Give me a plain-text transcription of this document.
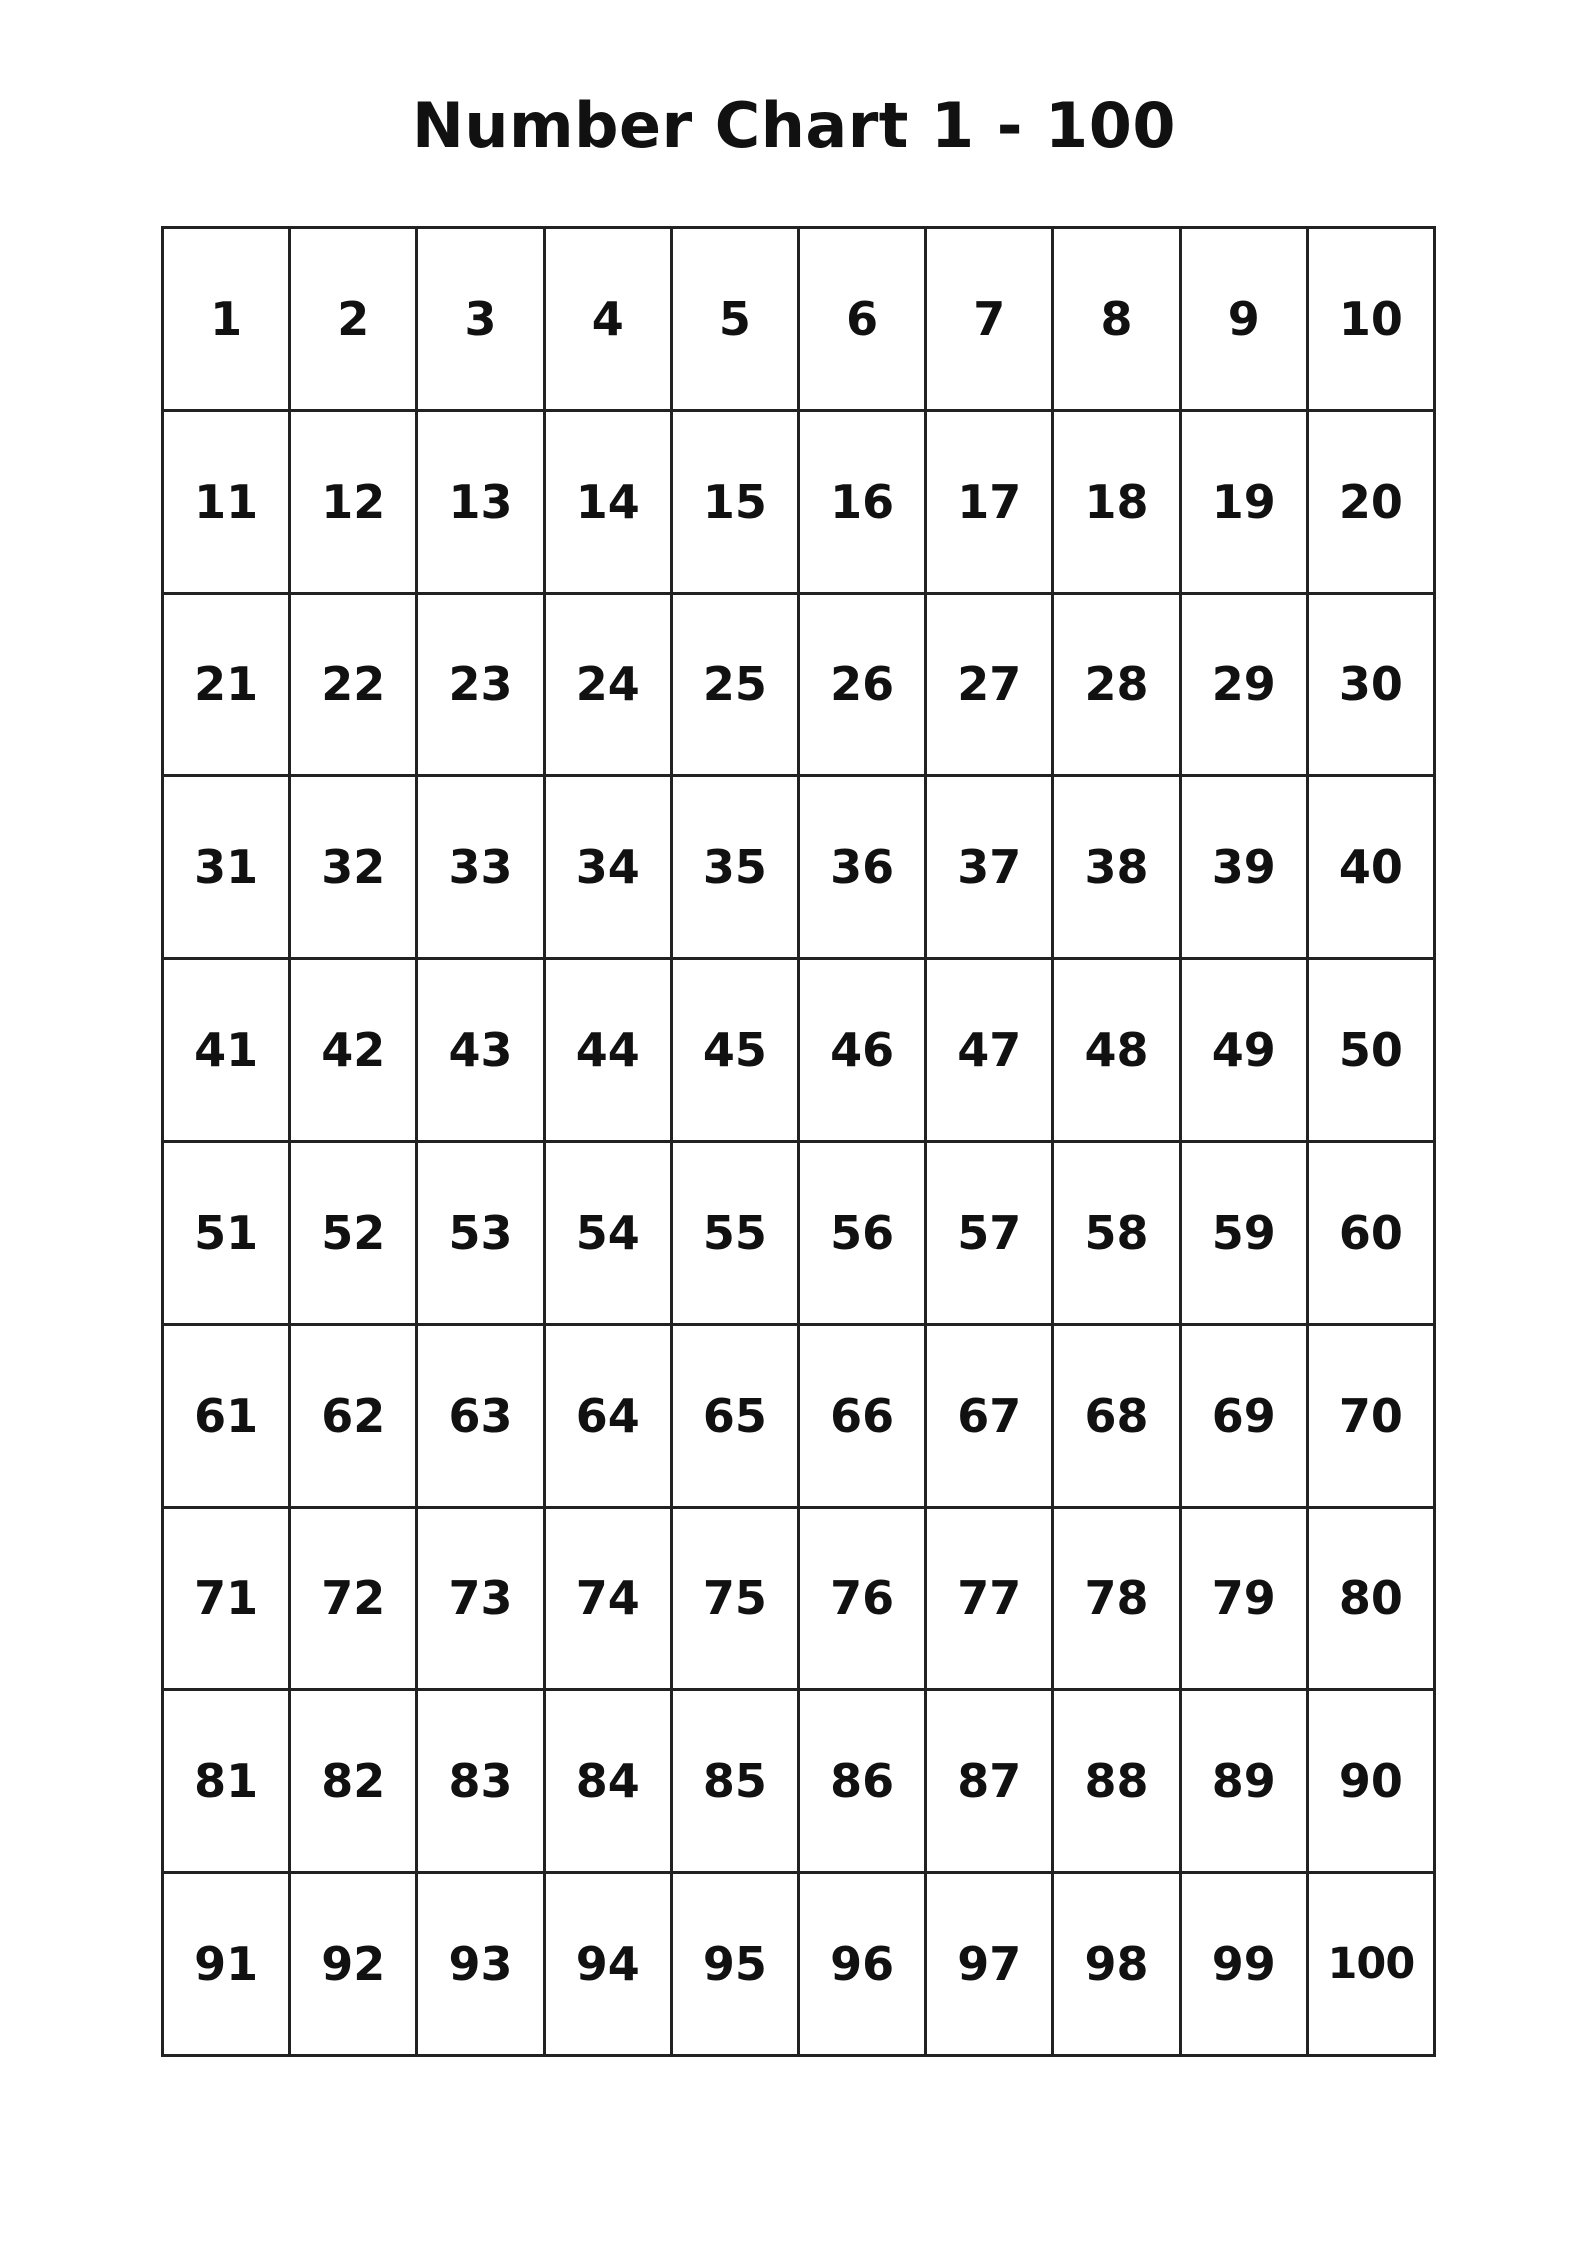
Number Chart 1 - 100
1	2	3	4	5	6	7	8	9	10
11	12	13	14	15	16	17	18	19	20
21	22	23	24	25	26	27	28	29	30
31	32	33	34	35	36	37	38	39	40
41	42	43	44	45	46	47	48	49	50
51	52	53	54	55	56	57	58	59	60
61	62	63	64	65	66	67	68	69	70
71	72	73	74	75	76	77	78	79	80
81	82	83	84	85	86	87	88	89	90
91	92	93	94	95	96	97	98	99	100
